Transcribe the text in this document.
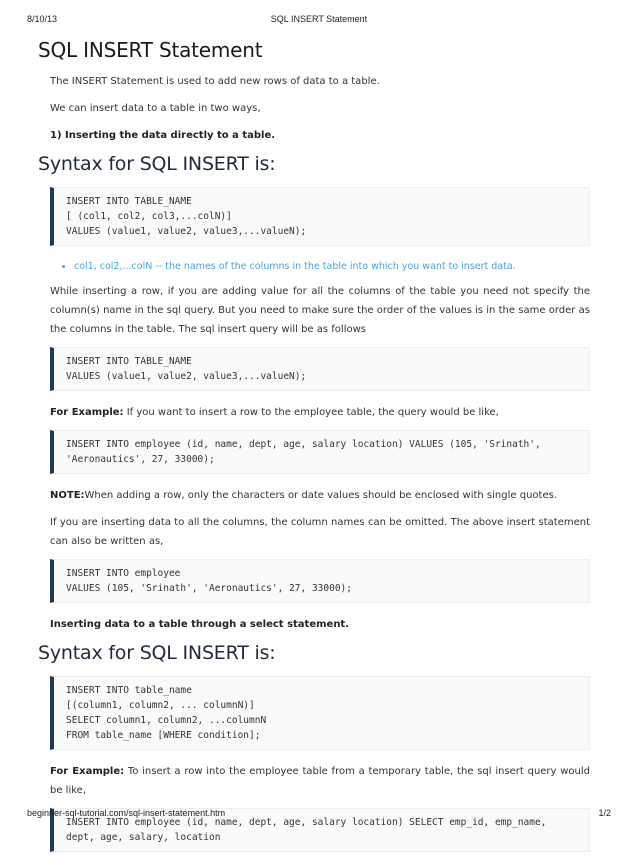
8/10/13	SQL INSERT Statement
SQL INSERT Statement

The INSERT Statement is used to add new rows of data to a table.

We can insert data to a table in two ways,

1) Inserting the data directly to a table.

Syntax for SQL INSERT is:
INSERT INTO TABLE_NAME
[ (col1, col2, col3,...colN)]
VALUES (value1, value2, value3,...valueN);
• col1, col2,...colN -- the names of the columns in the table into which you want to insert data.

While inserting a row, if you are adding value for all the columns of the table you need not specify the column(s) name in the sql query. But you need to make sure the order of the values is in the same order as the columns in the table. The sql insert query will be as follows

INSERT INTO TABLE_NAME
VALUES (value1, value2, value3,...valueN);

For Example: If you want to insert a row to the employee table, the query would be like,

INSERT INTO employee (id, name, dept, age, salary location) VALUES (105, 'Srinath',
'Aeronautics', 27, 33000);

NOTE:When adding a row, only the characters or date values should be enclosed with single quotes.

If you are inserting data to all the columns, the column names can be omitted. The above insert statement can also be written as,

INSERT INTO employee
VALUES (105, 'Srinath', 'Aeronautics', 27, 33000);

Inserting data to a table through a select statement.

Syntax for SQL INSERT is:
INSERT INTO table_name
[(column1, column2, ... columnN)]
SELECT column1, column2, ...columnN
FROM table_name [WHERE condition];

For Example: To insert a row into the employee table from a temporary table, the sql insert query would be like,

INSERT INTO employee (id, name, dept, age, salary location) SELECT emp_id, emp_name,
dept, age, salary, location
beginner-sql-tutorial.com/sql-insert-statement.htm	1/2
